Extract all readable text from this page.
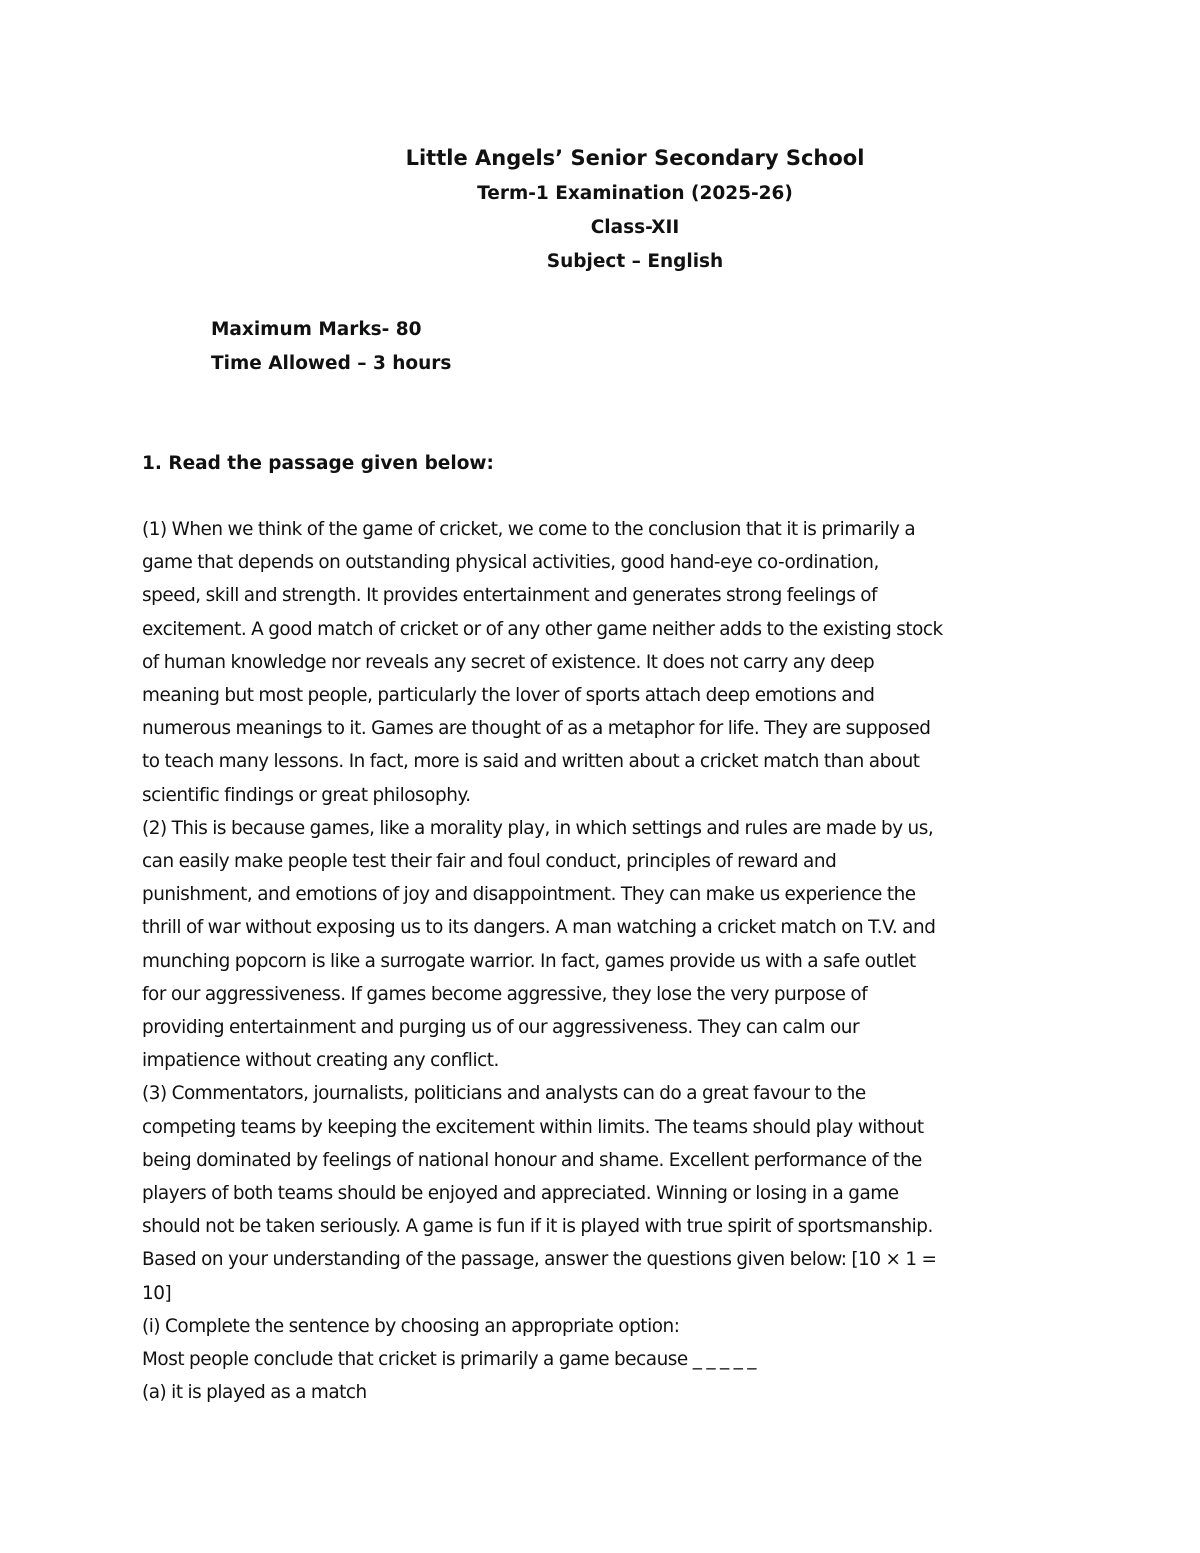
Little Angels’ Senior Secondary School

Term-1 Examination (2025-26)

Class-XII

Subject – English

Maximum Marks- 80

Time Allowed – 3 hours

1. Read the passage given below:

(1) When we think of the game of cricket, we come to the conclusion that it is primarily a
game that depends on outstanding physical activities, good hand-eye co-ordination,
speed, skill and strength. It provides entertainment and generates strong feelings of
excitement. A good match of cricket or of any other game neither adds to the existing stock
of human knowledge nor reveals any secret of existence. It does not carry any deep
meaning but most people, particularly the lover of sports attach deep emotions and
numerous meanings to it. Games are thought of as a metaphor for life. They are supposed
to teach many lessons. In fact, more is said and written about a cricket match than about
scientific findings or great philosophy.
(2) This is because games, like a morality play, in which settings and rules are made by us,
can easily make people test their fair and foul conduct, principles of reward and
punishment, and emotions of joy and disappointment. They can make us experience the
thrill of war without exposing us to its dangers. A man watching a cricket match on T.V. and
munching popcorn is like a surrogate warrior. In fact, games provide us with a safe outlet
for our aggressiveness. If games become aggressive, they lose the very purpose of
providing entertainment and purging us of our aggressiveness. They can calm our
impatience without creating any conflict.
(3) Commentators, journalists, politicians and analysts can do a great favour to the
competing teams by keeping the excitement within limits. The teams should play without
being dominated by feelings of national honour and shame. Excellent performance of the
players of both teams should be enjoyed and appreciated. Winning or losing in a game
should not be taken seriously. A game is fun if it is played with true spirit of sportsmanship.
Based on your understanding of the passage, answer the questions given below: [10 × 1 =
10]
(i) Complete the sentence by choosing an appropriate option:
Most people conclude that cricket is primarily a game because _ _ _ _ _
(a) it is played as a match
